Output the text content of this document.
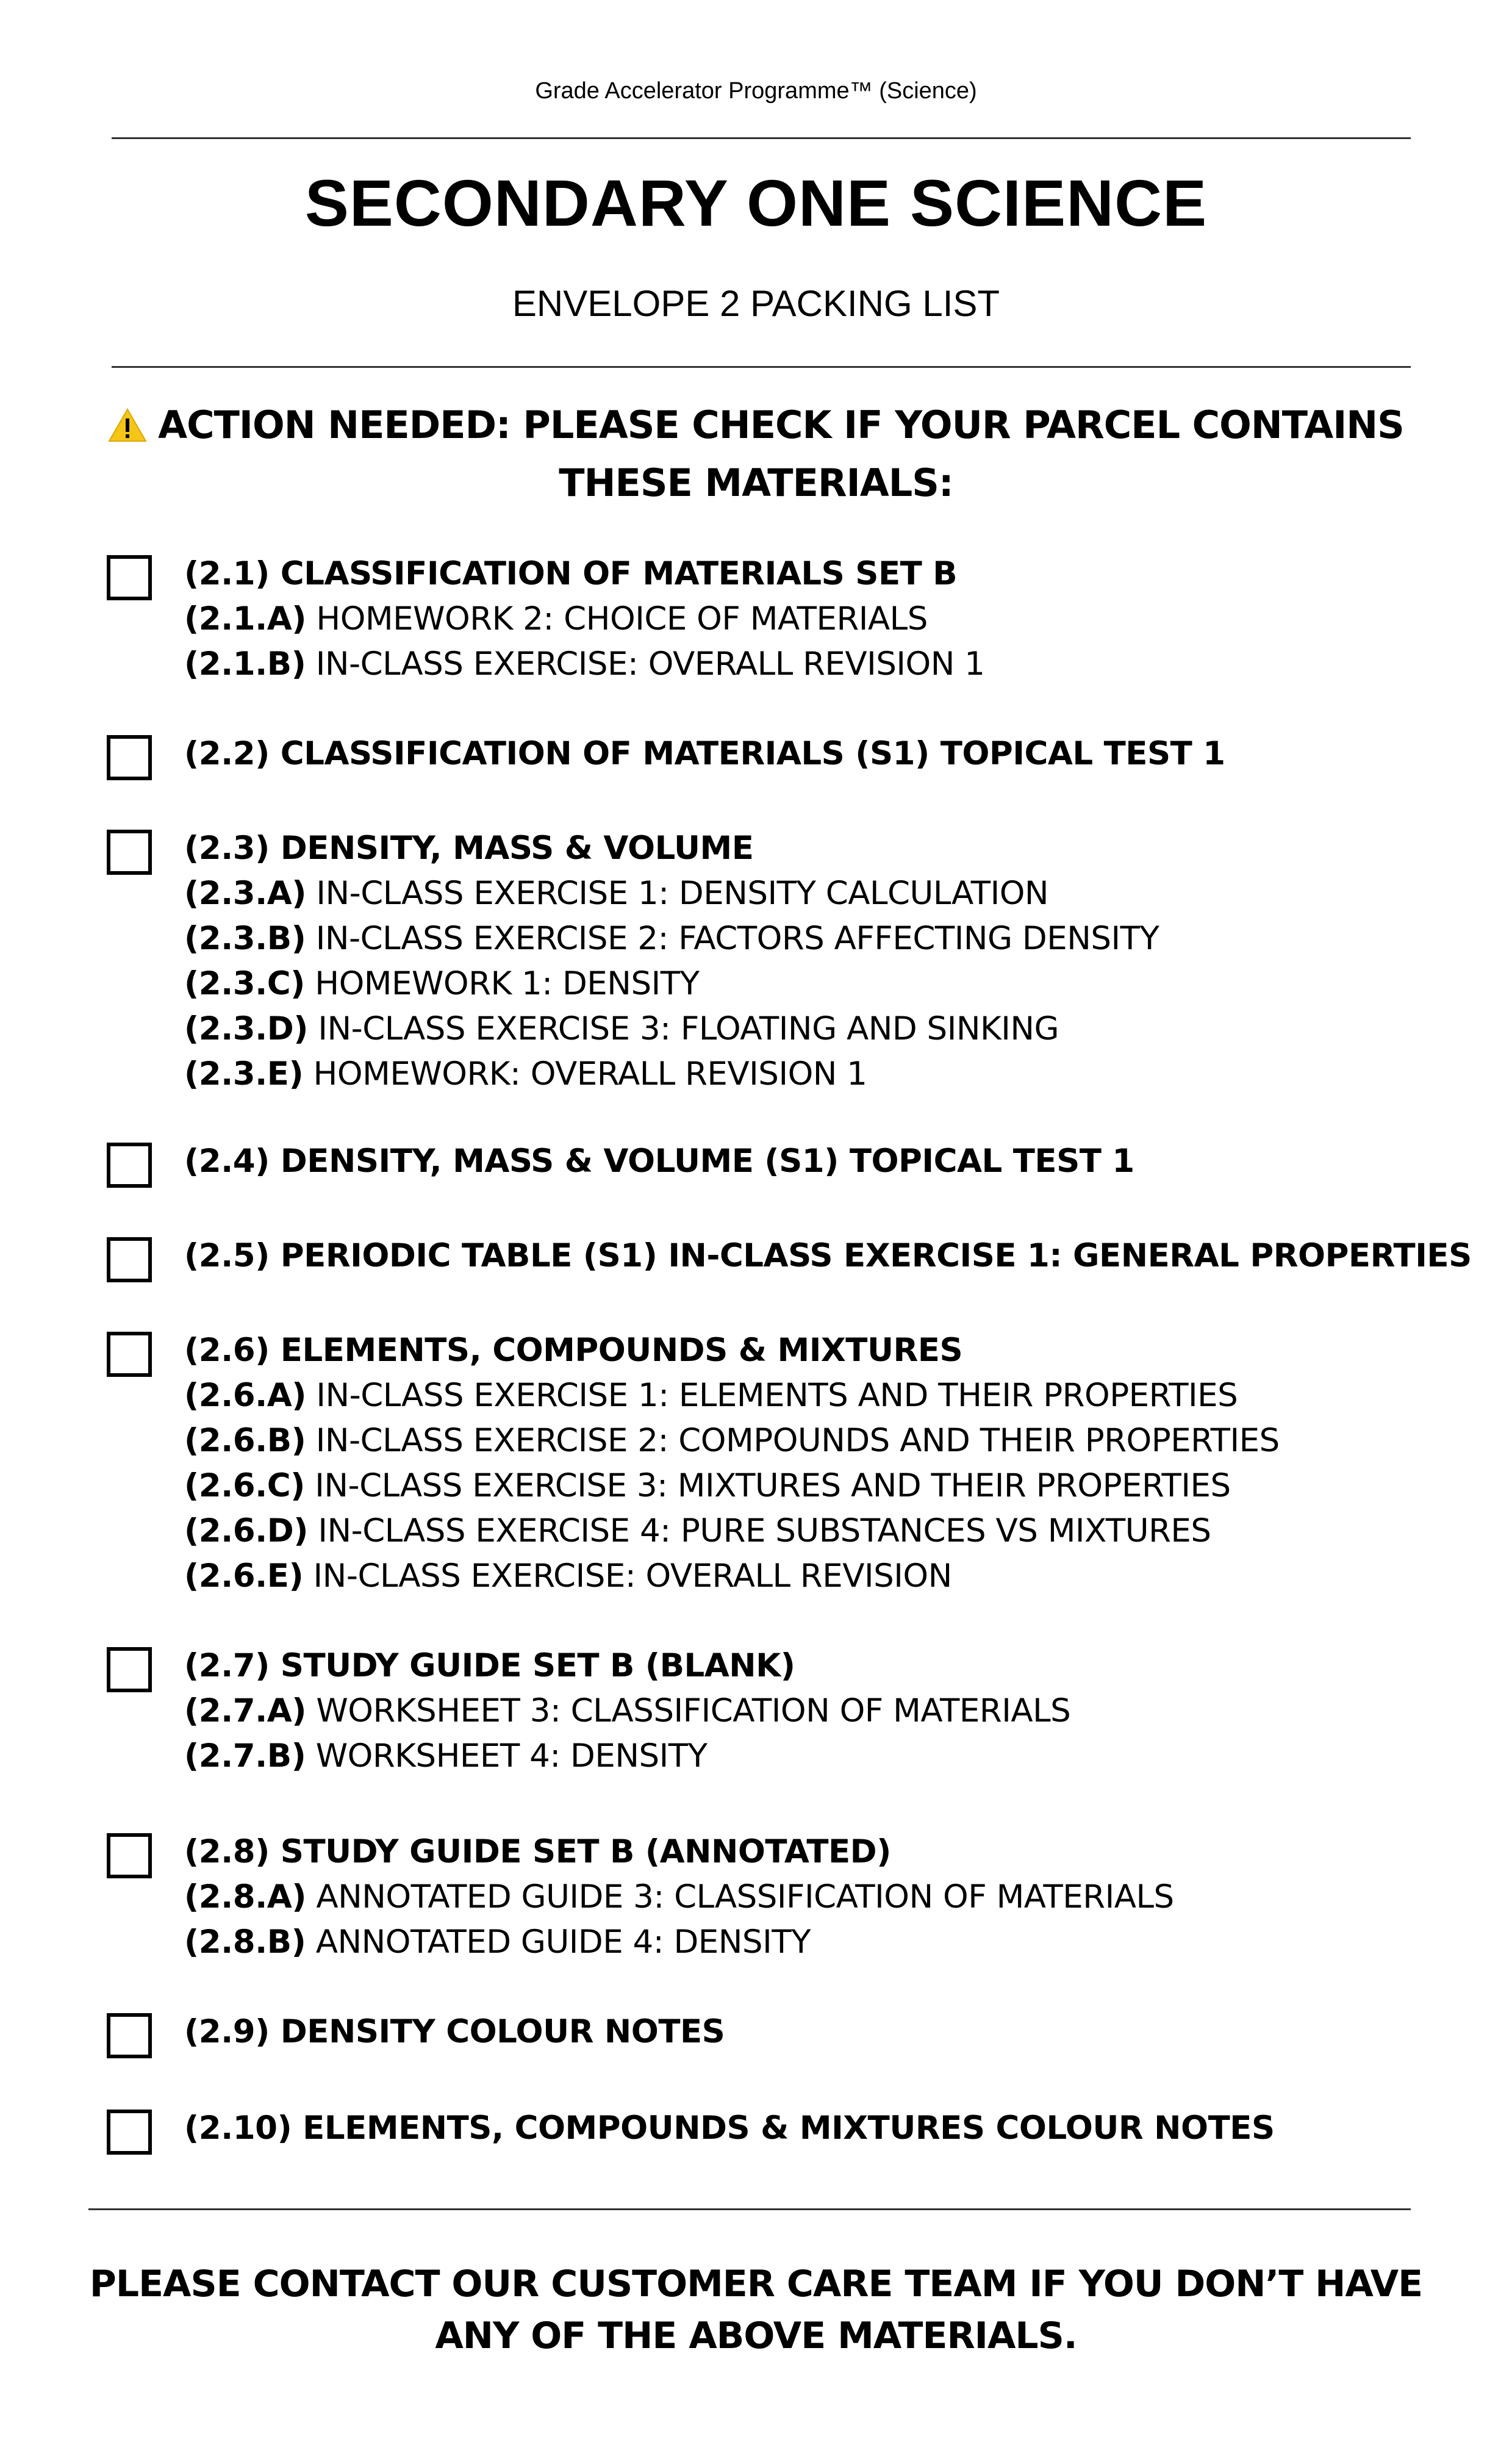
Grade Accelerator Programme™ (Science)
SECONDARY ONE SCIENCE
ENVELOPE 2 PACKING LIST
ACTION NEEDED: PLEASE CHECK IF YOUR PARCEL CONTAINS
THESE MATERIALS:
(2.1) CLASSIFICATION OF MATERIALS SET B
(2.1.A) HOMEWORK 2: CHOICE OF MATERIALS
(2.1.B) IN-CLASS EXERCISE: OVERALL REVISION 1
(2.2) CLASSIFICATION OF MATERIALS (S1) TOPICAL TEST 1
(2.3) DENSITY, MASS & VOLUME
(2.3.A) IN-CLASS EXERCISE 1: DENSITY CALCULATION
(2.3.B) IN-CLASS EXERCISE 2: FACTORS AFFECTING DENSITY
(2.3.C) HOMEWORK 1: DENSITY
(2.3.D) IN-CLASS EXERCISE 3: FLOATING AND SINKING
(2.3.E) HOMEWORK: OVERALL REVISION 1
(2.4) DENSITY, MASS & VOLUME (S1) TOPICAL TEST 1
(2.5) PERIODIC TABLE (S1) IN-CLASS EXERCISE 1: GENERAL PROPERTIES
(2.6) ELEMENTS, COMPOUNDS & MIXTURES
(2.6.A) IN-CLASS EXERCISE 1: ELEMENTS AND THEIR PROPERTIES
(2.6.B) IN-CLASS EXERCISE 2: COMPOUNDS AND THEIR PROPERTIES
(2.6.C) IN-CLASS EXERCISE 3: MIXTURES AND THEIR PROPERTIES
(2.6.D) IN-CLASS EXERCISE 4: PURE SUBSTANCES VS MIXTURES
(2.6.E) IN-CLASS EXERCISE: OVERALL REVISION
(2.7) STUDY GUIDE SET B (BLANK)
(2.7.A) WORKSHEET 3: CLASSIFICATION OF MATERIALS
(2.7.B) WORKSHEET 4: DENSITY
(2.8) STUDY GUIDE SET B (ANNOTATED)
(2.8.A) ANNOTATED GUIDE 3: CLASSIFICATION OF MATERIALS
(2.8.B) ANNOTATED GUIDE 4: DENSITY
(2.9) DENSITY COLOUR NOTES
(2.10) ELEMENTS, COMPOUNDS & MIXTURES COLOUR NOTES
PLEASE CONTACT OUR CUSTOMER CARE TEAM IF YOU DON’T HAVE
ANY OF THE ABOVE MATERIALS.
